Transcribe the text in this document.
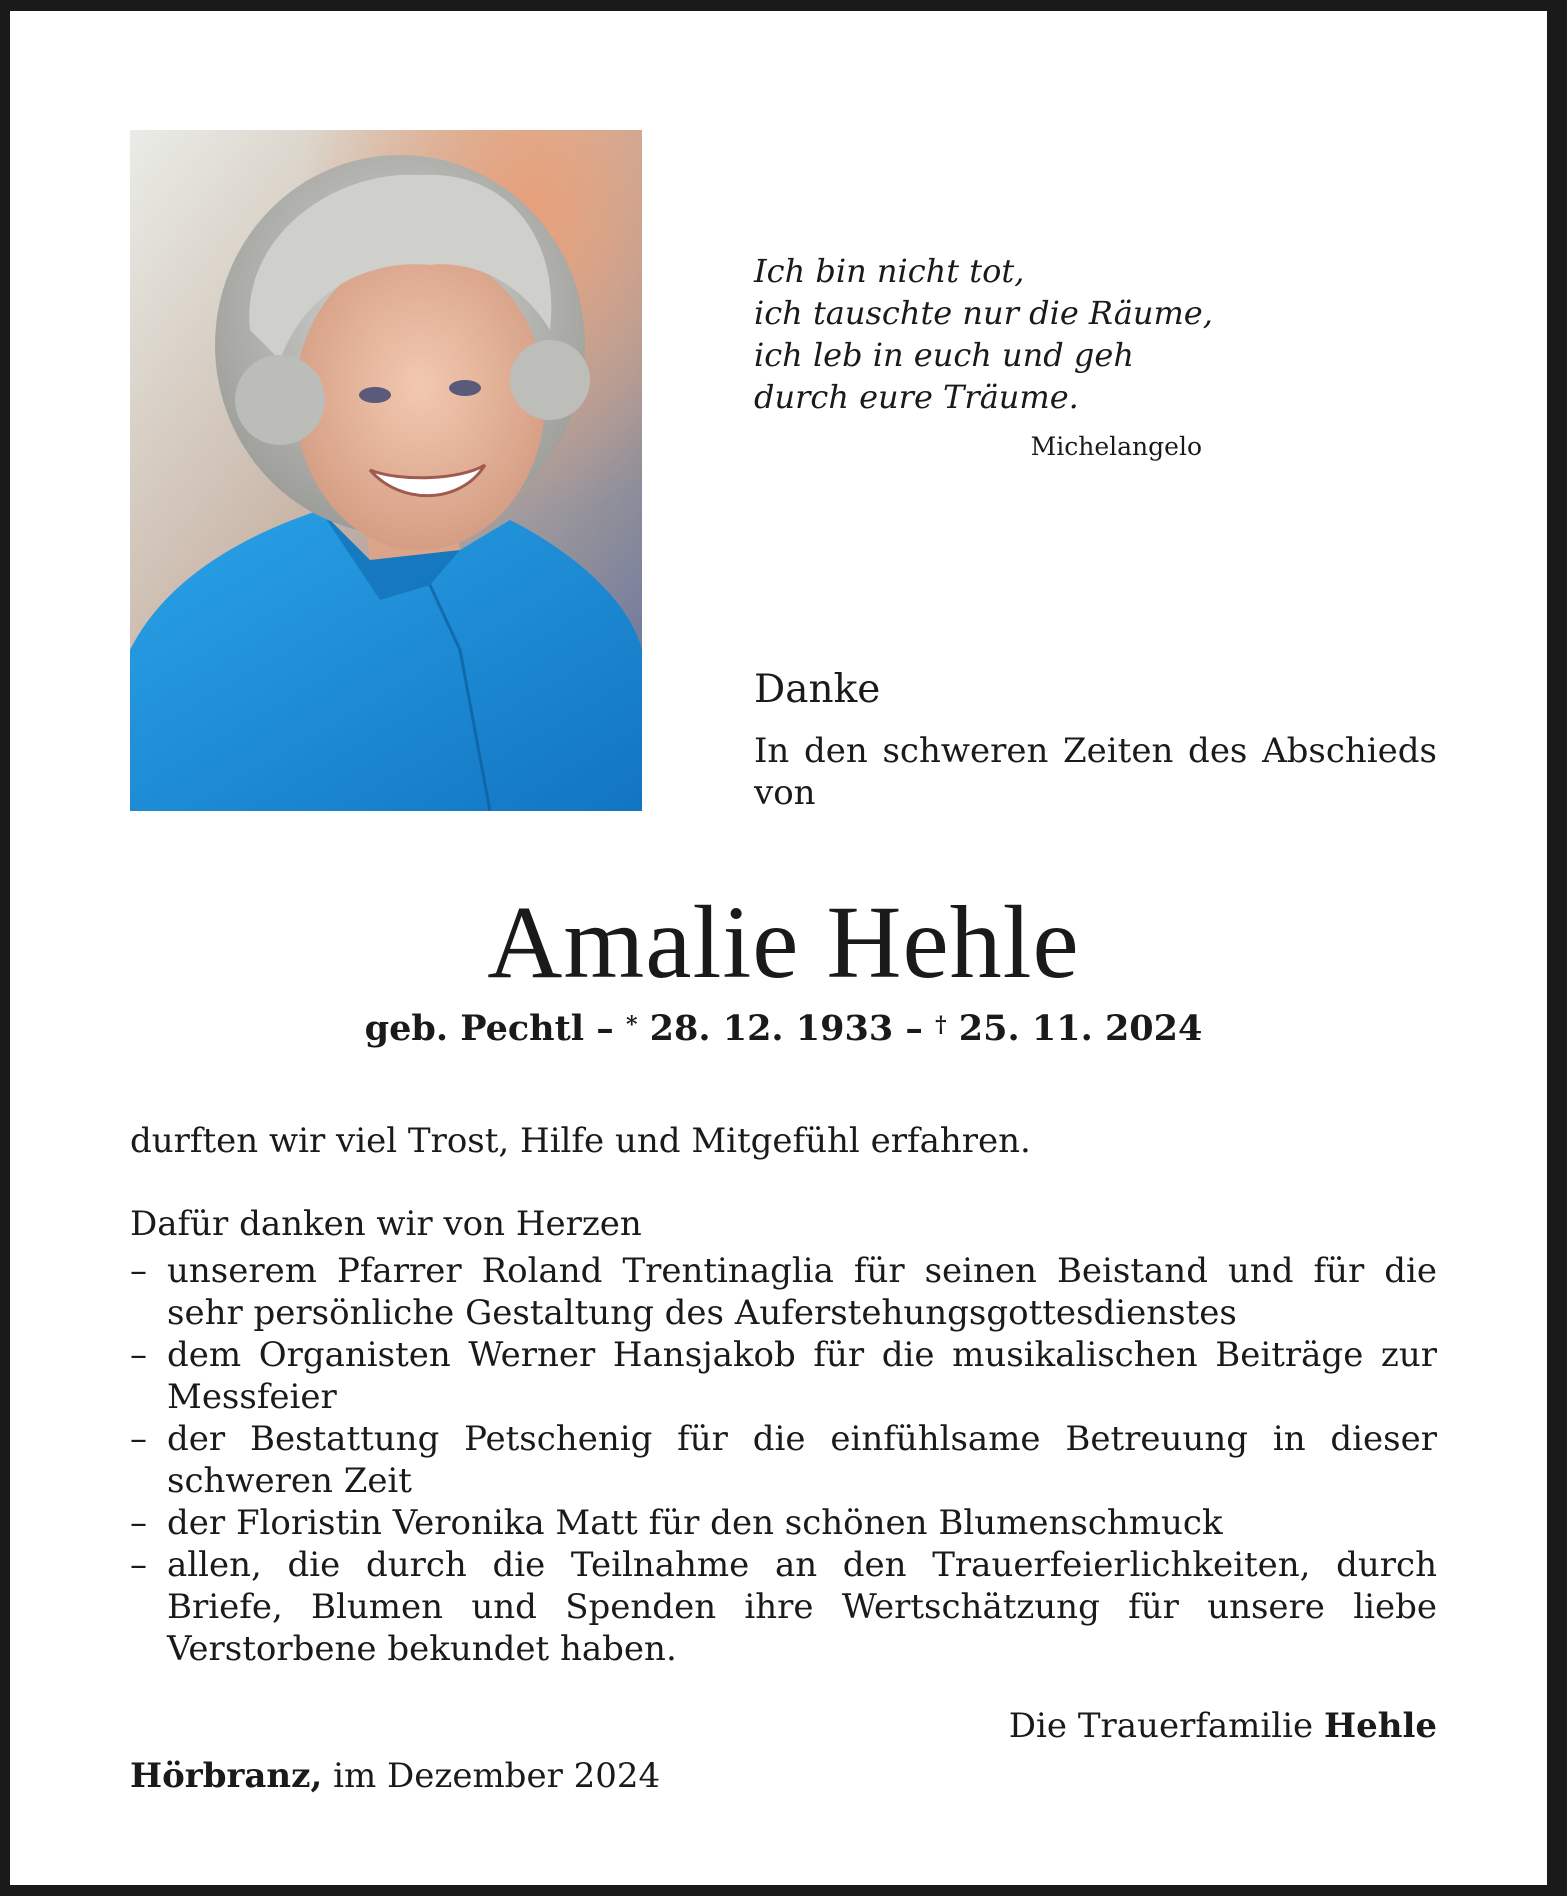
Ich bin nicht tot,
ich tauschte nur die Räume,
ich leb in euch und geh
durch eure Träume.
Michelangelo
Danke
In den schweren Zeiten des Abschieds von
Amalie Hehle
geb. Pechtl – * 28. 12. 1933 – † 25. 11. 2024
durften wir viel Trost, Hilfe und Mitgefühl erfahren.
Dafür danken wir von Herzen
– unserem Pfarrer Roland Trentinaglia für seinen Beistand und für die sehr persönliche Gestaltung des Auferstehungsgottesdienstes
– dem Organisten Werner Hansjakob für die musikalischen Beiträge zur Messfeier
– der Bestattung Petschenig für die einfühlsame Betreuung in dieser schweren Zeit
– der Floristin Veronika Matt für den schönen Blumenschmuck
– allen, die durch die Teilnahme an den Trauerfeierlichkeiten, durch Briefe, Blumen und Spenden ihre Wertschätzung für unsere liebe Verstorbene bekundet haben.
Die Trauerfamilie Hehle
Hörbranz, im Dezember 2024
